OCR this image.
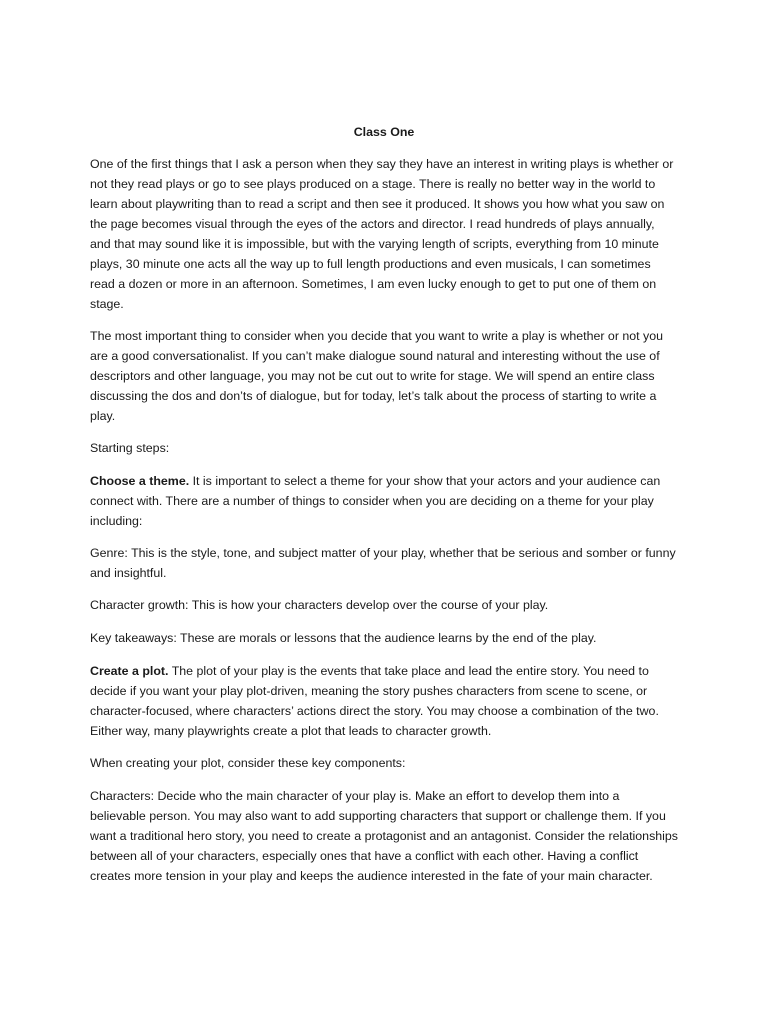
Class One

One of the first things that I ask a person when they say they have an interest in writing plays is whether or not they read plays or go to see plays produced on a stage. There is really no better way in the world to learn about playwriting than to read a script and then see it produced. It shows you how what you saw on the page becomes visual through the eyes of the actors and director. I read hundreds of plays annually, and that may sound like it is impossible, but with the varying length of scripts, everything from 10 minute plays, 30 minute one acts all the way up to full length productions and even musicals, I can sometimes read a dozen or more in an afternoon. Sometimes, I am even lucky enough to get to put one of them on stage.

The most important thing to consider when you decide that you want to write a play is whether or not you are a good conversationalist. If you can’t make dialogue sound natural and interesting without the use of descriptors and other language, you may not be cut out to write for stage. We will spend an entire class discussing the dos and don’ts of dialogue, but for today, let’s talk about the process of starting to write a play.

Starting steps:

Choose a theme. It is important to select a theme for your show that your actors and your audience can connect with. There are a number of things to consider when you are deciding on a theme for your play including:

Genre: This is the style, tone, and subject matter of your play, whether that be serious and somber or funny and insightful.

Character growth: This is how your characters develop over the course of your play.

Key takeaways: These are morals or lessons that the audience learns by the end of the play.

Create a plot. The plot of your play is the events that take place and lead the entire story. You need to decide if you want your play plot-driven, meaning the story pushes characters from scene to scene, or character-focused, where characters’ actions direct the story. You may choose a combination of the two. Either way, many playwrights create a plot that leads to character growth.

When creating your plot, consider these key components:

Characters: Decide who the main character of your play is. Make an effort to develop them into a believable person. You may also want to add supporting characters that support or challenge them. If you want a traditional hero story, you need to create a protagonist and an antagonist. Consider the relationships between all of your characters, especially ones that have a conflict with each other. Having a conflict creates more tension in your play and keeps the audience interested in the fate of your main character.
